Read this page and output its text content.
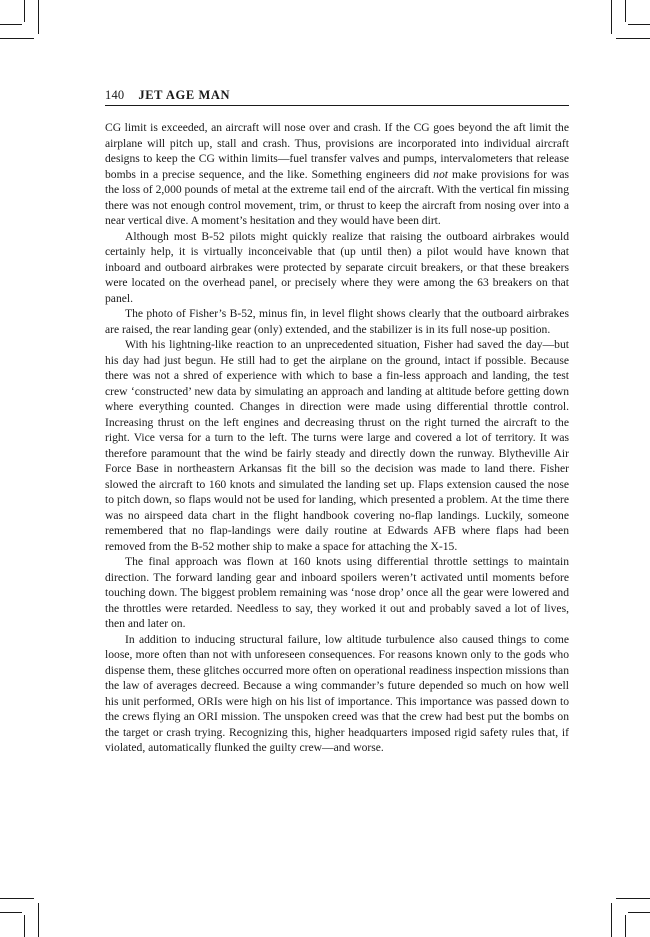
140 JET AGE MAN

CG limit is exceeded, an aircraft will nose over and crash. If the CG goes beyond the aft limit the airplane will pitch up, stall and crash. Thus, provisions are incorporated into individual aircraft designs to keep the CG within limits—fuel transfer valves and pumps, intervalometers that release bombs in a precise sequence, and the like. Something engineers did not make provisions for was the loss of 2,000 pounds of metal at the extreme tail end of the aircraft. With the vertical fin missing there was not enough control movement, trim, or thrust to keep the aircraft from nosing over into a near vertical dive. A moment’s hesitation and they would have been dirt.

Although most B-52 pilots might quickly realize that raising the outboard airbrakes would certainly help, it is virtually inconceivable that (up until then) a pilot would have known that inboard and outboard airbrakes were protected by separate circuit breakers, or that these breakers were located on the overhead panel, or precisely where they were among the 63 breakers on that panel.

The photo of Fisher’s B-52, minus fin, in level flight shows clearly that the outboard airbrakes are raised, the rear landing gear (only) extended, and the stabilizer is in its full nose-up position.

With his lightning-like reaction to an unprecedented situation, Fisher had saved the day—but his day had just begun. He still had to get the airplane on the ground, intact if possible. Because there was not a shred of experience with which to base a fin-less approach and landing, the test crew ‘constructed’ new data by simulating an approach and landing at altitude before getting down where everything counted. Changes in direction were made using differential throttle control. Increasing thrust on the left engines and decreasing thrust on the right turned the aircraft to the right. Vice versa for a turn to the left. The turns were large and covered a lot of territory. It was therefore paramount that the wind be fairly steady and directly down the runway. Blytheville Air Force Base in northeastern Arkansas fit the bill so the decision was made to land there. Fisher slowed the aircraft to 160 knots and simulated the landing set up. Flaps extension caused the nose to pitch down, so flaps would not be used for landing, which presented a problem. At the time there was no airspeed data chart in the flight handbook covering no-flap landings. Luckily, someone remembered that no flap-landings were daily routine at Edwards AFB where flaps had been removed from the B-52 mother ship to make a space for attaching the X-15.

The final approach was flown at 160 knots using differential throttle settings to maintain direction. The forward landing gear and inboard spoilers weren’t activated until moments before touching down. The biggest problem remaining was ‘nose drop’ once all the gear were lowered and the throttles were retarded. Needless to say, they worked it out and probably saved a lot of lives, then and later on.

In addition to inducing structural failure, low altitude turbulence also caused things to come loose, more often than not with unforeseen consequences. For reasons known only to the gods who dispense them, these glitches occurred more often on operational readiness inspection missions than the law of averages decreed. Because a wing commander’s future depended so much on how well his unit performed, ORIs were high on his list of importance. This importance was passed down to the crews flying an ORI mission. The unspoken creed was that the crew had best put the bombs on the target or crash trying. Recognizing this, higher headquarters imposed rigid safety rules that, if violated, automatically flunked the guilty crew—and worse.
